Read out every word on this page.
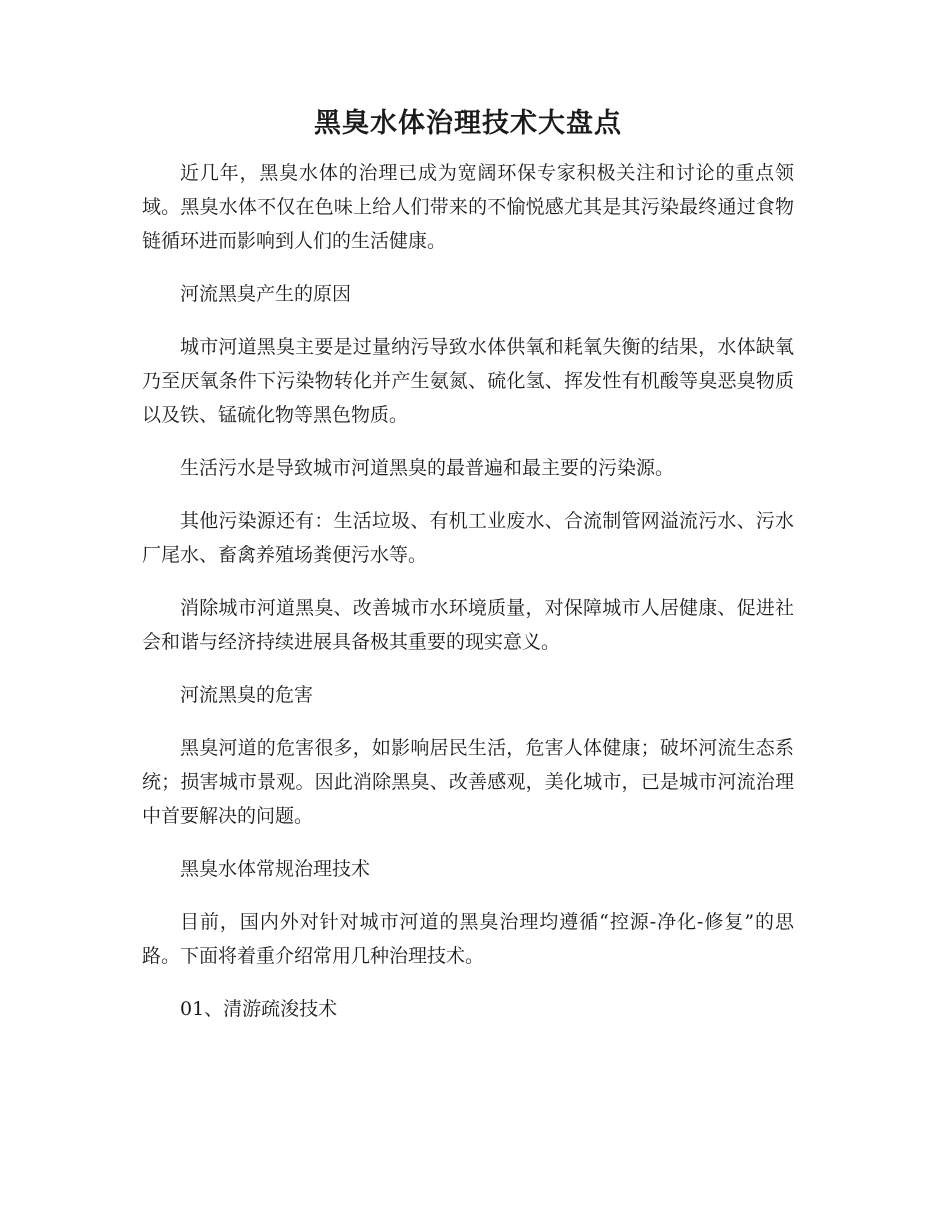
黑臭水体治理技术大盘点

近几年，黑臭水体的治理已成为宽阔环保专家积极关注和讨论的重点领域。黑臭水体不仅在色味上给人们带来的不愉悦感尤其是其污染最终通过食物链循环进而影响到人们的生活健康。

河流黑臭产生的原因

城市河道黑臭主要是过量纳污导致水体供氧和耗氧失衡的结果，水体缺氧乃至厌氧条件下污染物转化并产生氨氮、硫化氢、挥发性有机酸等臭恶臭物质以及铁、锰硫化物等黑色物质。

生活污水是导致城市河道黑臭的最普遍和最主要的污染源。

其他污染源还有：生活垃圾、有机工业废水、合流制管网溢流污水、污水厂尾水、畜禽养殖场粪便污水等。

消除城市河道黑臭、改善城市水环境质量，对保障城市人居健康、促进社会和谐与经济持续进展具备极其重要的现实意义。

河流黑臭的危害

黑臭河道的危害很多，如影响居民生活，危害人体健康；破坏河流生态系统；损害城市景观。因此消除黑臭、改善感观，美化城市，已是城市河流治理中首要解决的问题。

黑臭水体常规治理技术

目前，国内外对针对城市河道的黑臭治理均遵循“控源-净化-修复”的思路。下面将着重介绍常用几种治理技术。

01、清游疏浚技术
